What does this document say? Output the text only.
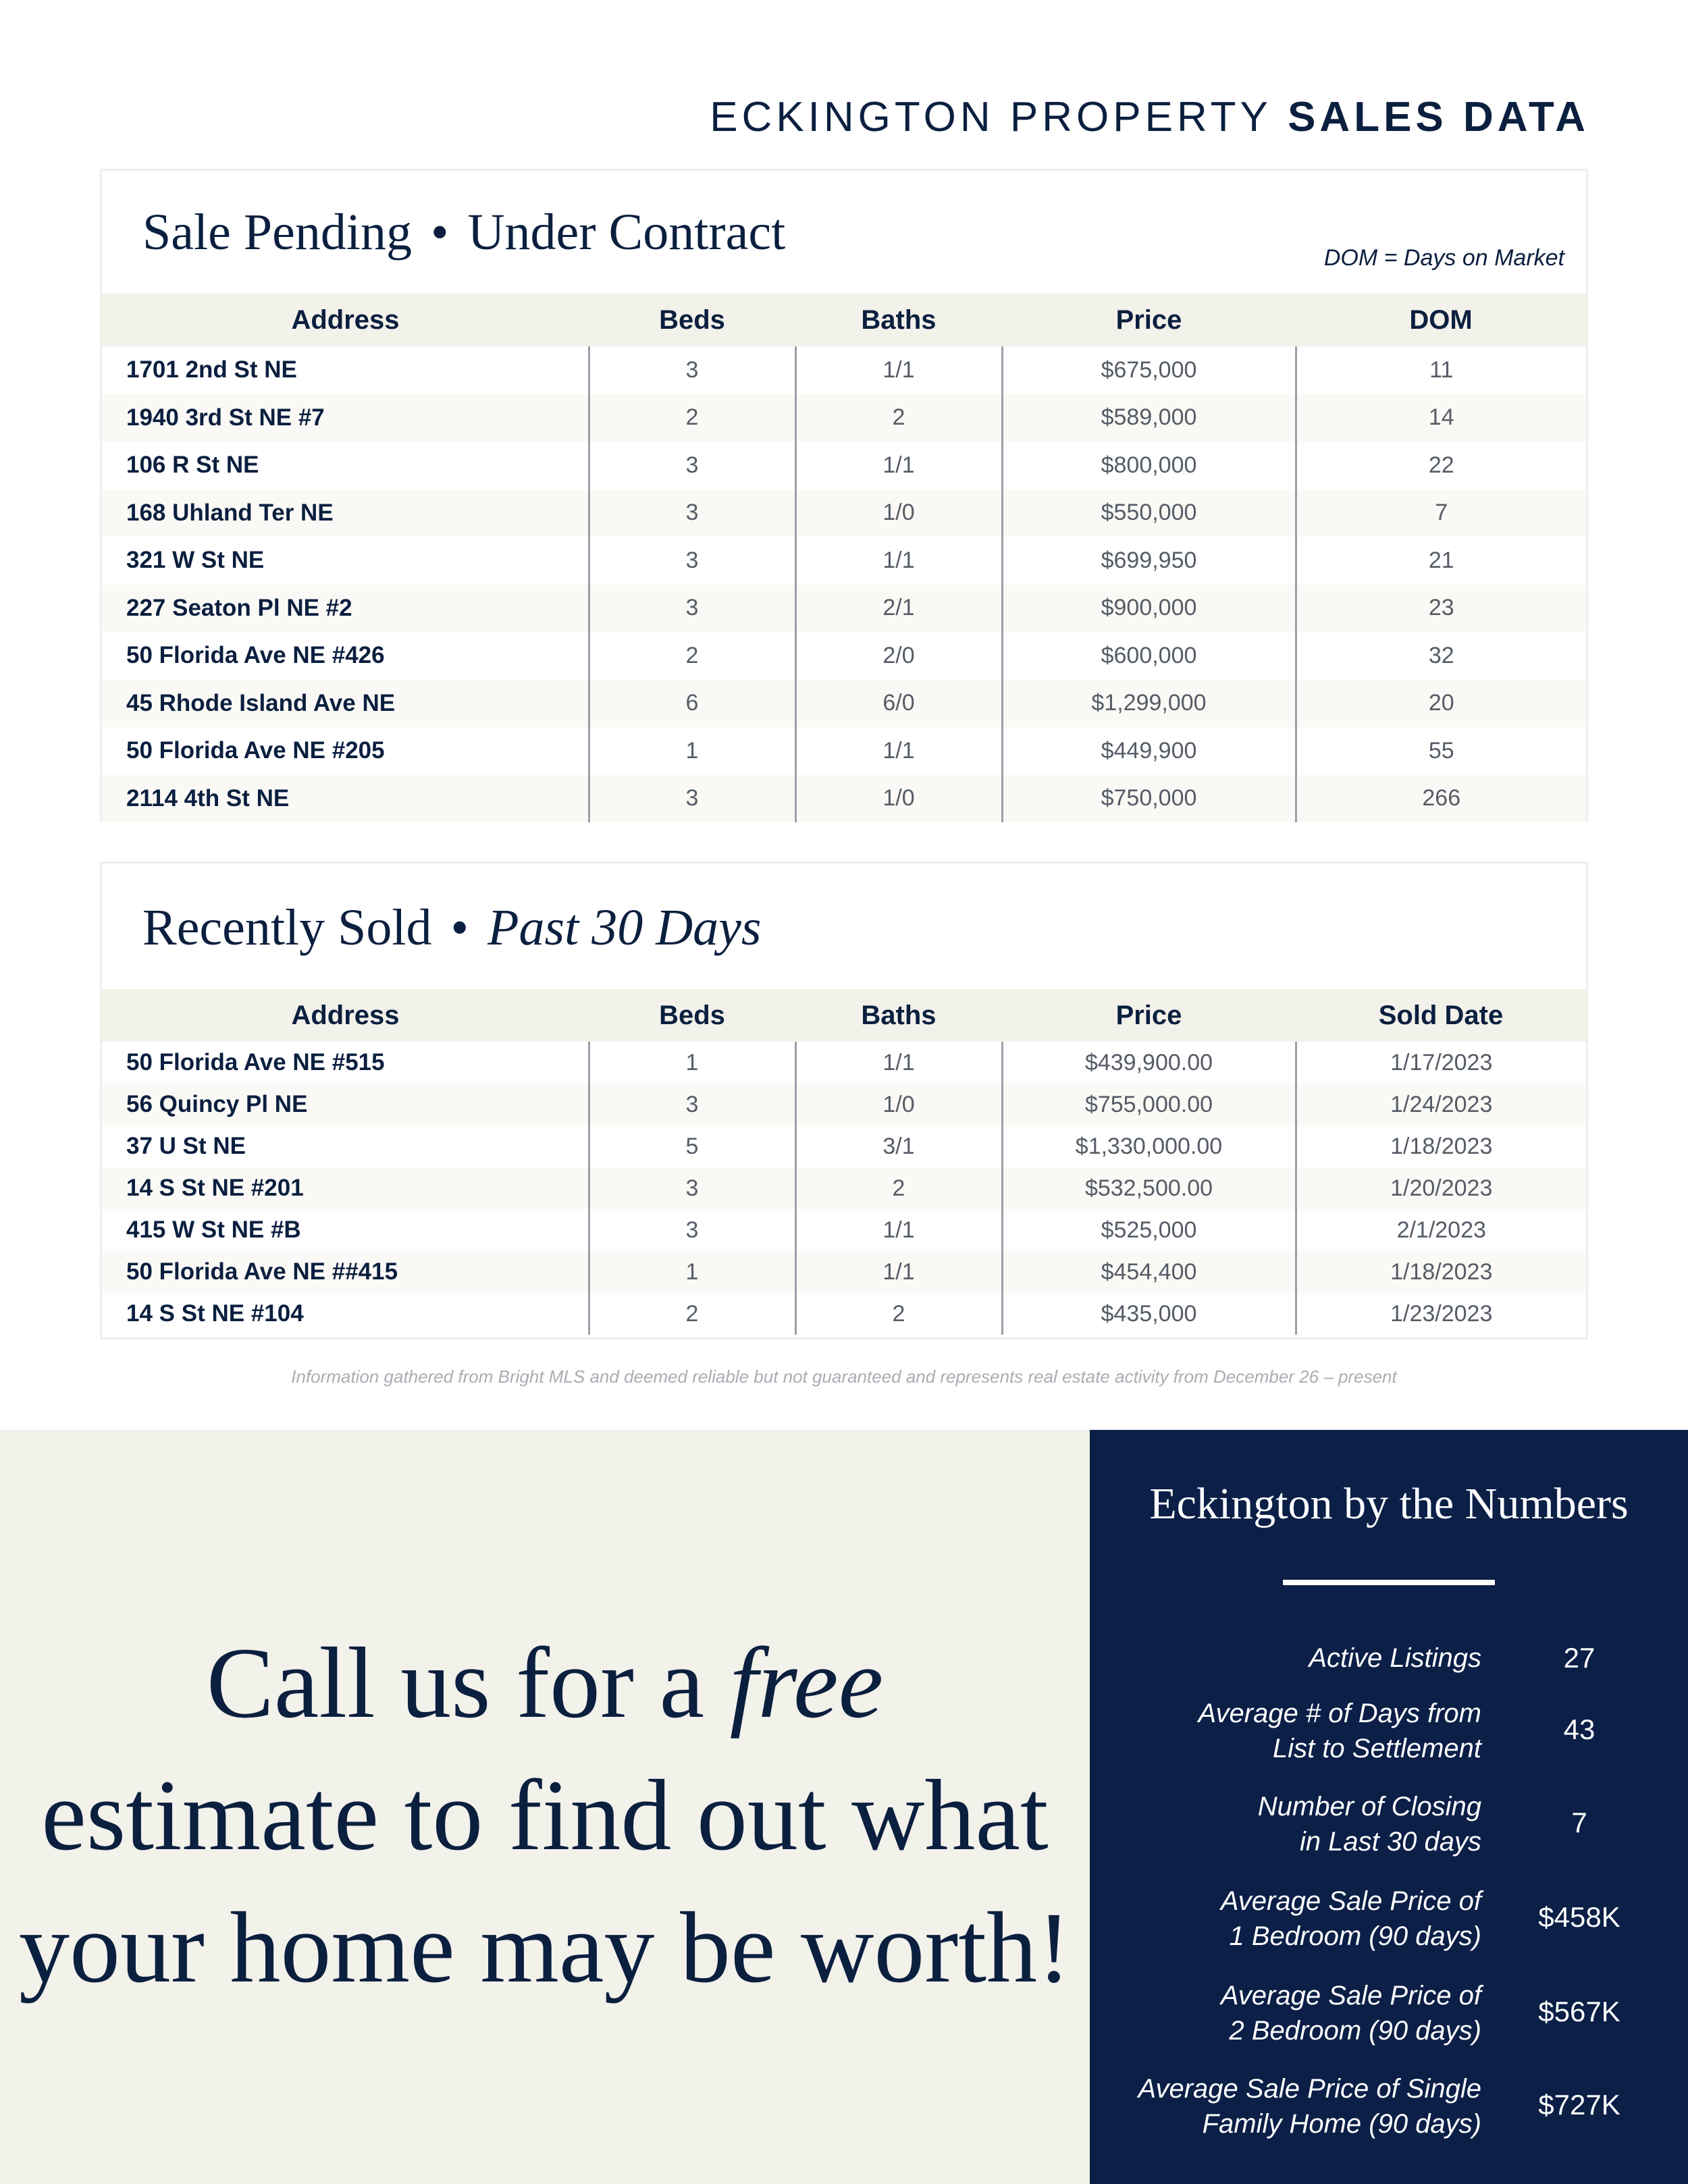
ECKINGTON PROPERTY SALES DATA
Sale Pending • Under Contract	DOM = Days on Market
Address	Beds	Baths	Price	DOM
1701 2nd St NE	3	1/1	$675,000	11
1940 3rd St NE #7	2	2	$589,000	14
106 R St NE	3	1/1	$800,000	22
168 Uhland Ter NE	3	1/0	$550,000	7
321 W St NE	3	1/1	$699,950	21
227 Seaton Pl NE #2	3	2/1	$900,000	23
50 Florida Ave NE #426	2	2/0	$600,000	32
45 Rhode Island Ave NE	6	6/0	$1,299,000	20
50 Florida Ave NE #205	1	1/1	$449,900	55
2114 4th St NE	3	1/0	$750,000	266
Recently Sold • Past 30 Days
Address	Beds	Baths	Price	Sold Date
50 Florida Ave NE #515	1	1/1	$439,900.00	1/17/2023
56 Quincy Pl NE	3	1/0	$755,000.00	1/24/2023
37 U St NE	5	3/1	$1,330,000.00	1/18/2023
14 S St NE #201	3	2	$532,500.00	1/20/2023
415 W St NE #B	3	1/1	$525,000	2/1/2023
50 Florida Ave NE ##415	1	1/1	$454,400	1/18/2023
14 S St NE #104	2	2	$435,000	1/23/2023
Information gathered from Bright MLS and deemed reliable but not guaranteed and represents real estate activity from December 26 – present
Call us for a free
estimate to find out what
your home may be worth!
Eckington by the Numbers
Active Listings	27
Average # of Days from
List to Settlement
43
Number of Closing
in Last 30 days
7
Average Sale Price of
1 Bedroom (90 days)
$458K
Average Sale Price of
2 Bedroom (90 days)
$567K
Average Sale Price of Single
Family Home (90 days)
$727K
